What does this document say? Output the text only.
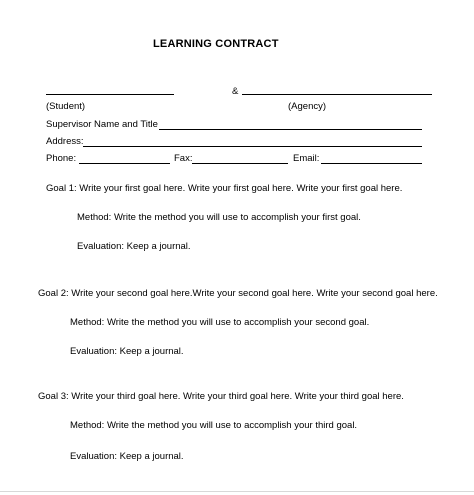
LEARNING CONTRACT
&
(Student)	(Agency)
Supervisor Name and Title
Address:
Phone:	Fax:	Email:
Goal 1: Write your first goal here. Write your first goal here. Write your first goal here.
Method: Write the method you will use to accomplish your first goal.
Evaluation: Keep a journal.
Goal 2: Write your second goal here.Write your second goal here. Write your second goal here.
Method: Write the method you will use to accomplish your second goal.
Evaluation: Keep a journal.
Goal 3: Write your third goal here. Write your third goal here. Write your third goal here.
Method: Write the method you will use to accomplish your third goal.
Evaluation: Keep a journal.
